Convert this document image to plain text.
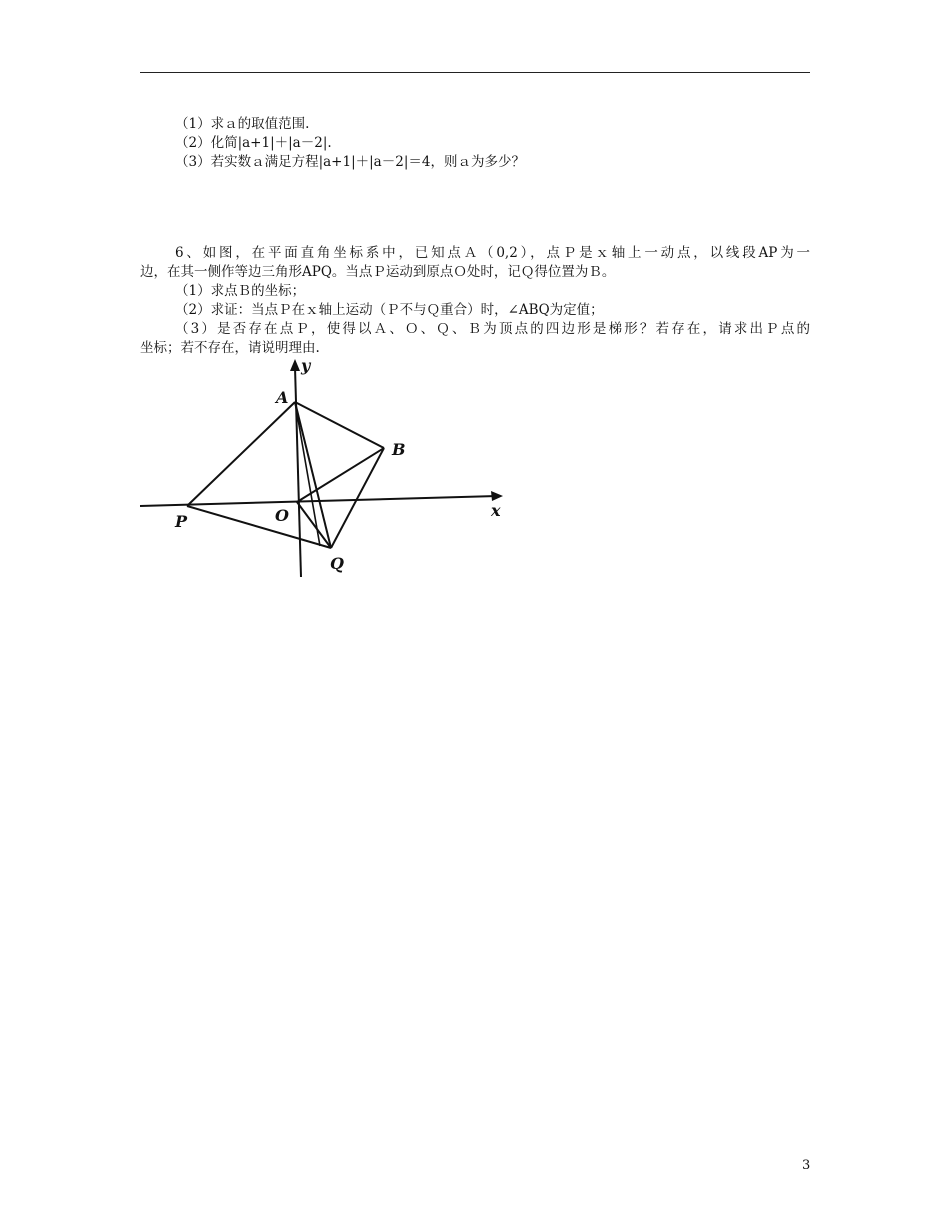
（1）求ａ的取值范围.
（2）化简|a+1|＋|a－2|.
（3）若实数ａ满足方程|a+1|＋|a－2|＝4，则ａ为多少？
6、如图，在平面直角坐标系中，已知点Ａ（0,2），点Ｐ是ｘ轴上一动点，以线段AP为一
边，在其一侧作等边三角形APQ。当点Ｐ运动到原点Ｏ处时，记Ｑ得位置为Ｂ。
（1）求点Ｂ的坐标；
（2）求证：当点Ｐ在ｘ轴上运动（Ｐ不与Ｑ重合）时，∠ABQ为定值；
（3）是否存在点Ｐ，使得以Ａ、Ｏ、Ｑ、Ｂ为顶点的四边形是梯形？若存在，请求出Ｐ点的
坐标；若不存在，请说明理由.
y
x
A
B
O
P
Q
3
